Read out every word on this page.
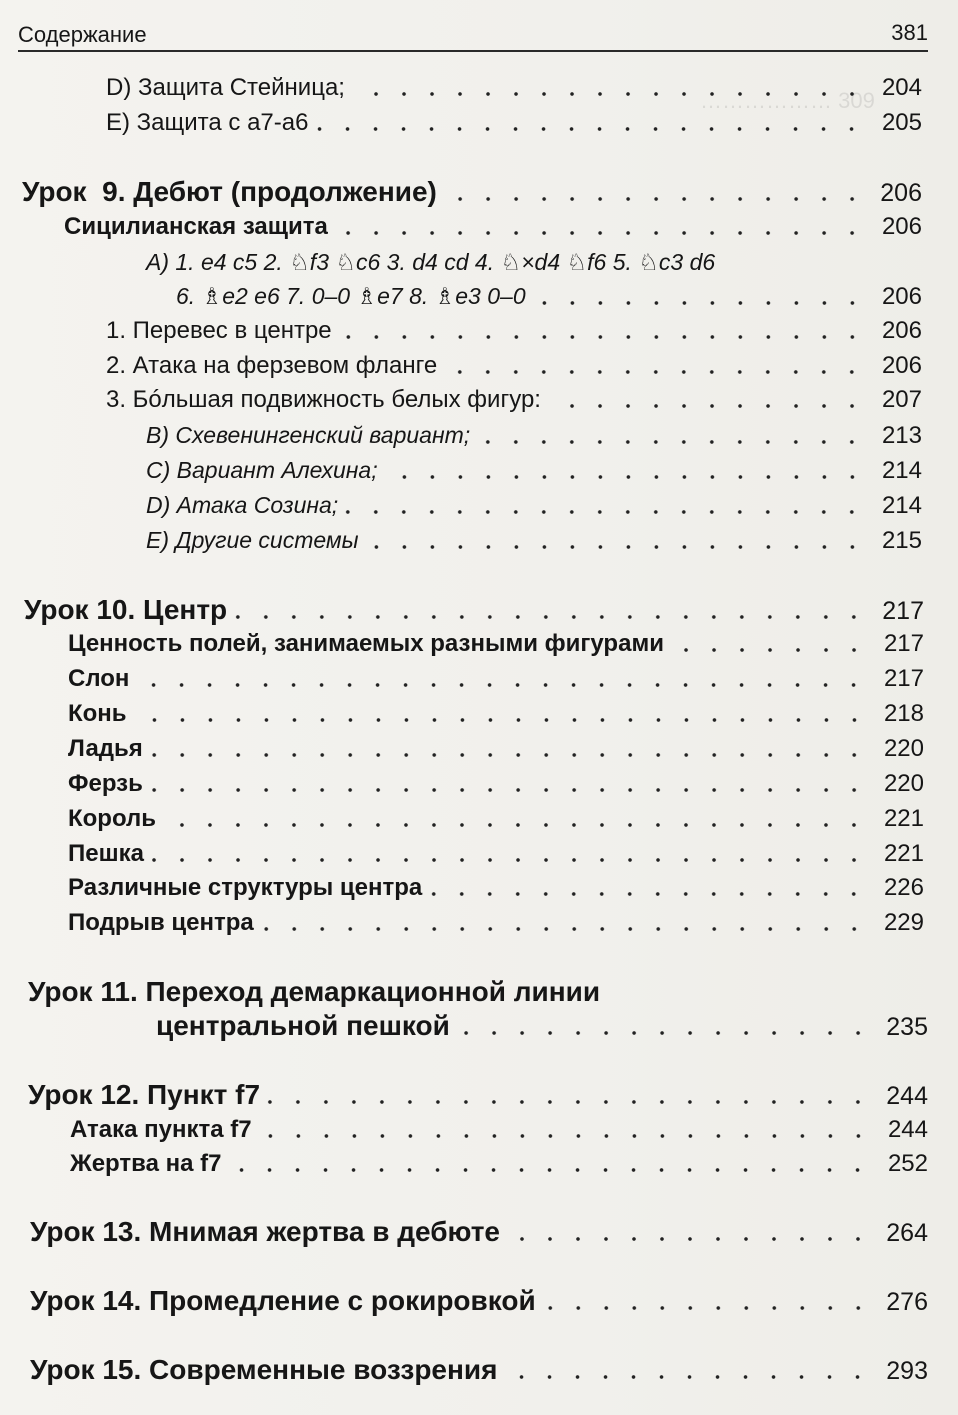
……………… 309
Содержание	381
D) Защита Стейница;	204
E) Защита с a7-a6	205
Урок  9. Дебют (продолжение)	206
Сицилианская защита	206
A) 1. e4 c5 2. ♘f3 ♘c6 3. d4 cd 4. ♘×d4 ♘f6 5. ♘c3 d6
6. ♗e2 e6 7. 0–0 ♗e7 8. ♗e3 0–0	206
1. Перевес в центре	206
2. Атака на ферзевом фланге	206
3. Бóльшая подвижность белых фигур:	207
B) Схевенингенский вариант;	213
C) Вариант Алехина;	214
D) Атака Созина;	214
E) Другие системы	215
Урок 10. Центр	217
Ценность полей, занимаемых разными фигурами	217
Слон	217
Конь	218
Ладья	220
Ферзь	220
Король	221
Пешка	221
Различные структуры центра	226
Подрыв центра	229
Урок 11. Переход демаркационной линии
центральной пешкой	235
Урок 12. Пункт f7	244
Атака пункта f7	244
Жертва на f7	252
Урок 13. Мнимая жертва в дебюте	264
Урок 14. Промедление с рокировкой	276
Урок 15. Современные воззрения	293
